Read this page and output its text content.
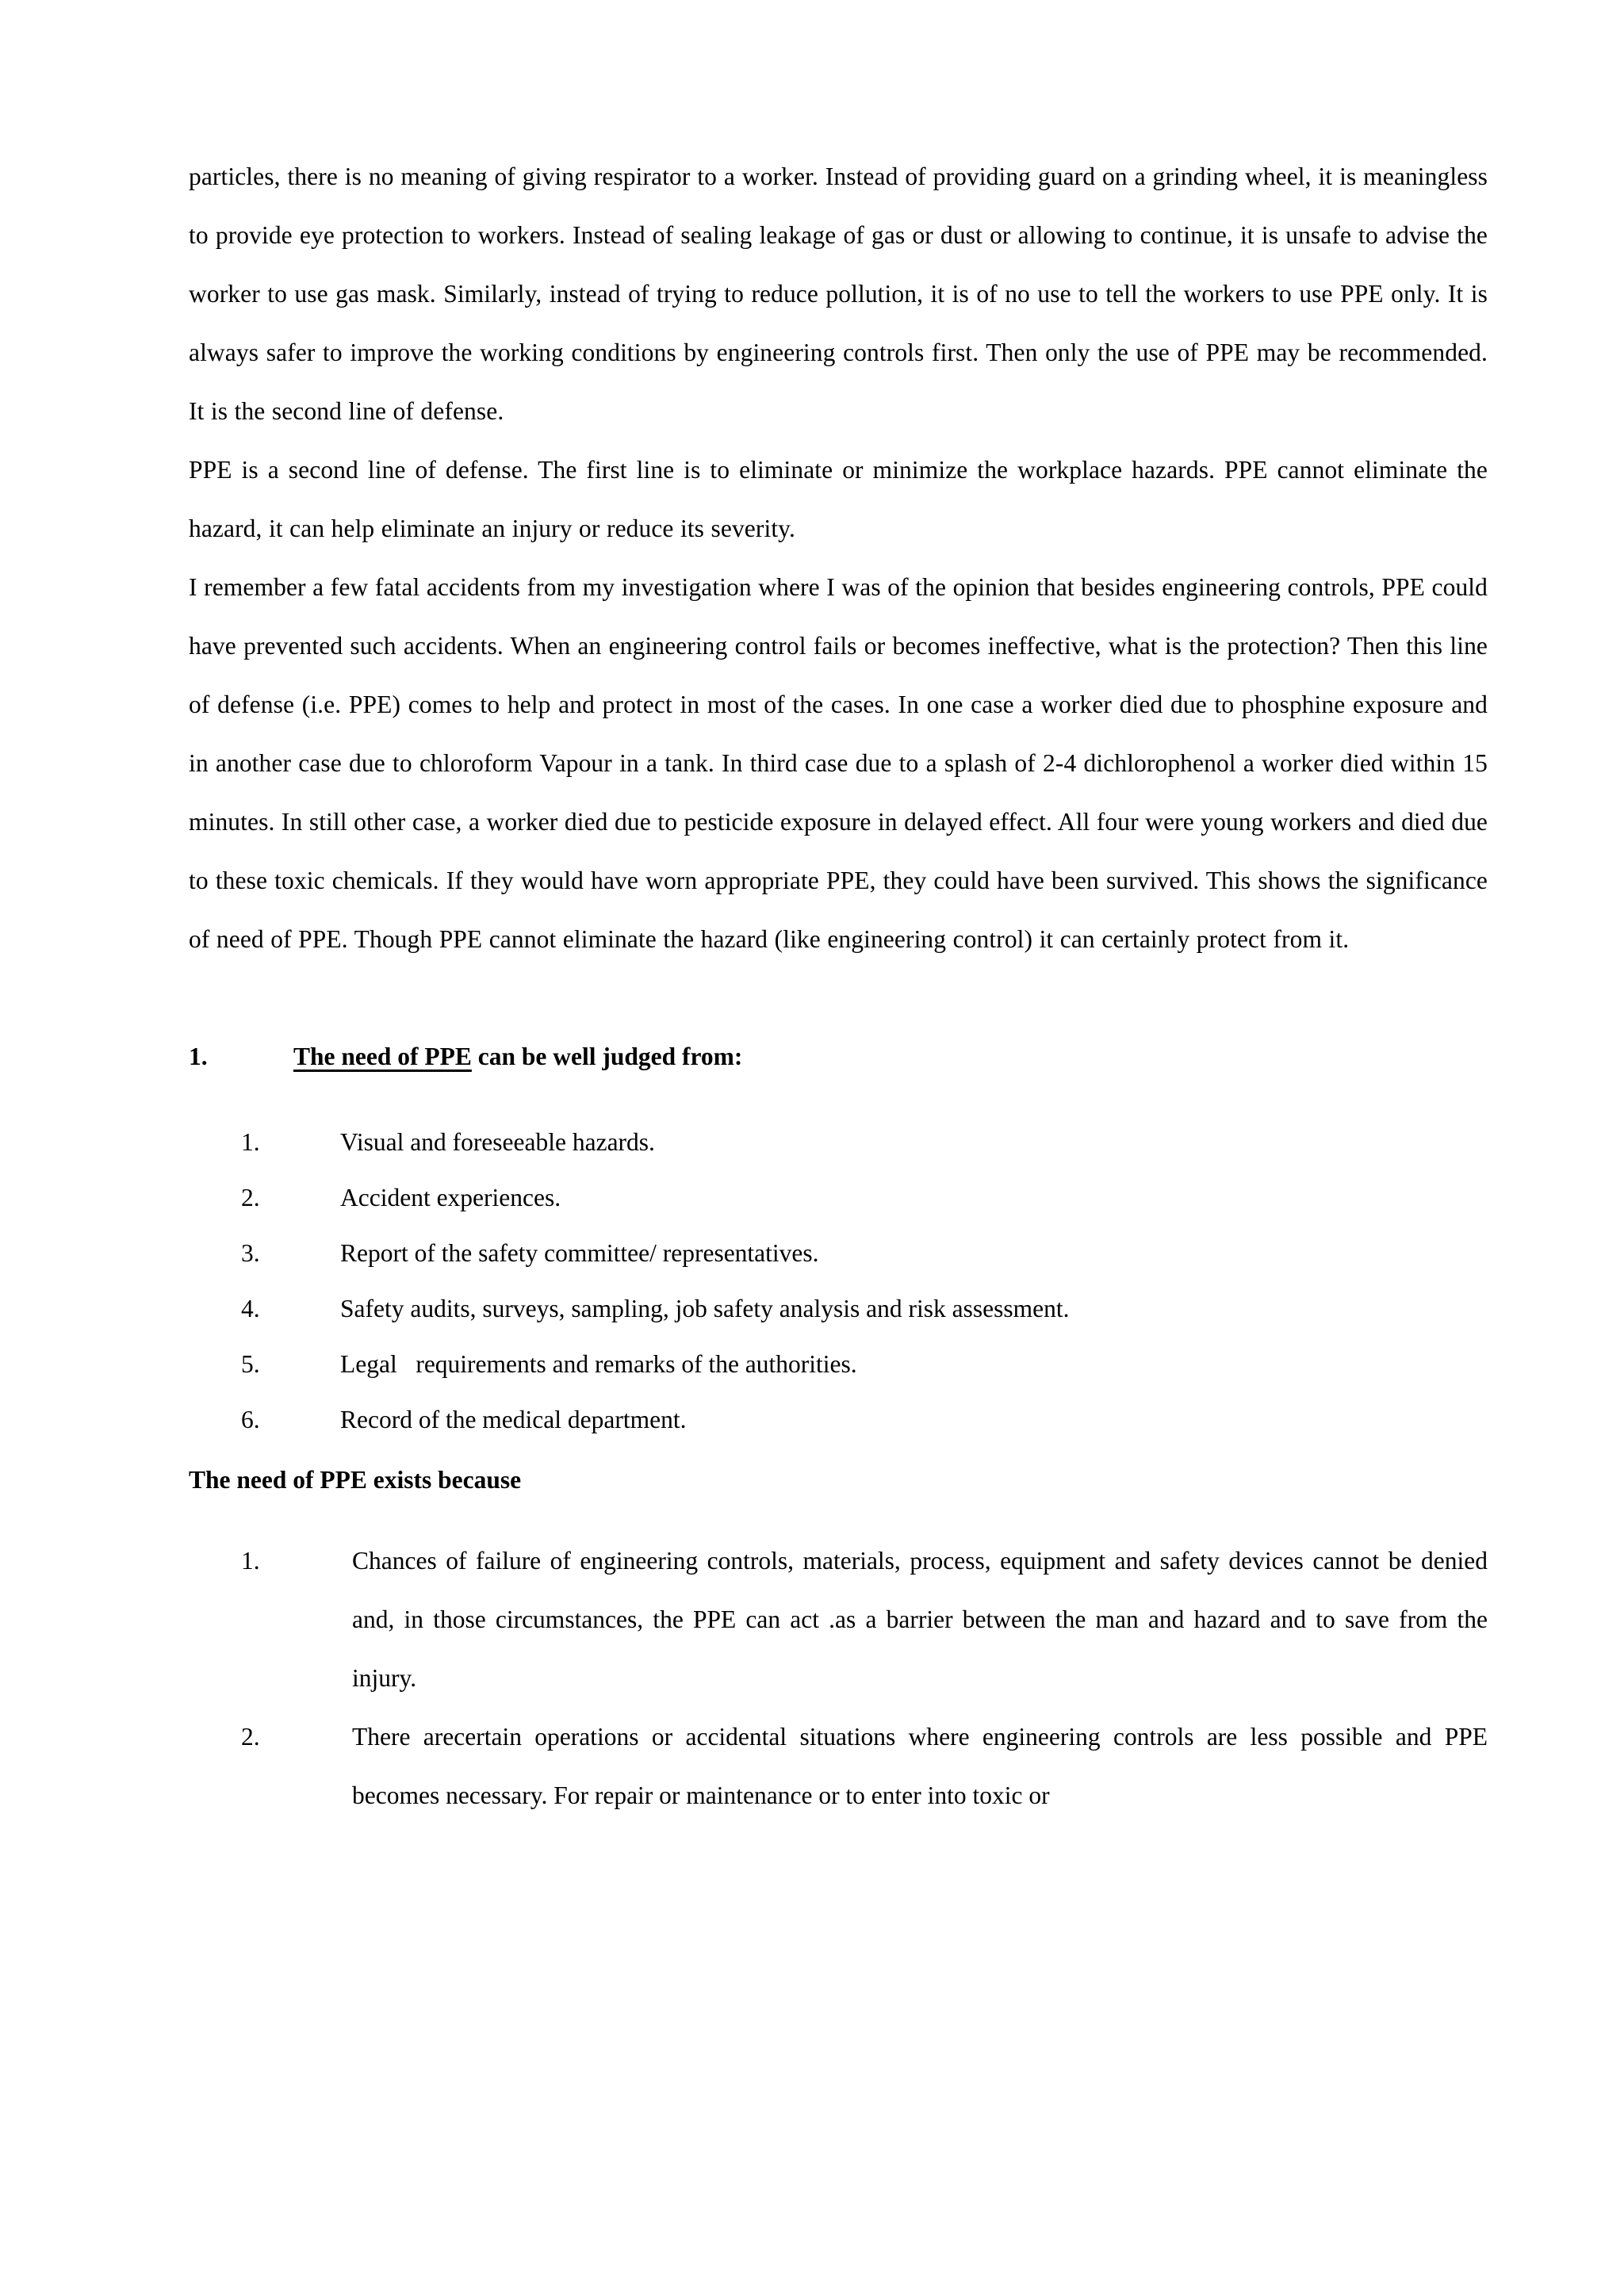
particles, there is no meaning of giving respirator to a worker. Instead of providing guard on a grinding wheel, it is meaningless to provide eye protection to workers. Instead of sealing leakage of gas or dust or allowing to continue, it is unsafe to advise the worker to use gas mask. Similarly, instead of trying to reduce pollution, it is of no use to tell the workers to use PPE only. It is always safer to improve the working conditions by engineering controls first. Then only the use of PPE may be recommended. It is the second line of defense.

PPE is a second line of defense. The first line is to eliminate or minimize the workplace hazards. PPE cannot eliminate the hazard, it can help eliminate an injury or reduce its severity.

I remember a few fatal accidents from my investigation where I was of the opinion that besides engineering controls, PPE could have prevented such accidents. When an engineering control fails or becomes ineffective, what is the protection? Then this line of defense (i.e. PPE) comes to help and protect in most of the cases. In one case a worker died due to phosphine exposure and in another case due to chloroform Vapour in a tank. In third case due to a splash of 2-4 dichlorophenol a worker died within 15 minutes. In still other case, a worker died due to pesticide exposure in delayed effect. All four were young workers and died due to these toxic chemicals. If they would have worn appropriate PPE, they could have been survived. This shows the significance of need of PPE. Though PPE cannot eliminate the hazard (like engineering control) it can certainly protect from it.

1.	The need of PPE can be well judged from:
1.	Visual and foreseeable hazards.
2.	Accident experiences.
3.	Report of the safety committee/ representatives.
4.	Safety audits, surveys, sampling, job safety analysis and risk assessment.
5.	Legal   requirements and remarks of the authorities.
6.	Record of the medical department.
The need of PPE exists because
1.	Chances of failure of engineering controls, materials, process, equipment and safety devices cannot be denied and, in those circumstances, the PPE can act .as a barrier between the man and hazard and to save from the injury.
2.	There arecertain operations or accidental situations where engineering controls are less possible and PPE becomes necessary. For repair or maintenance or to enter into toxic or
